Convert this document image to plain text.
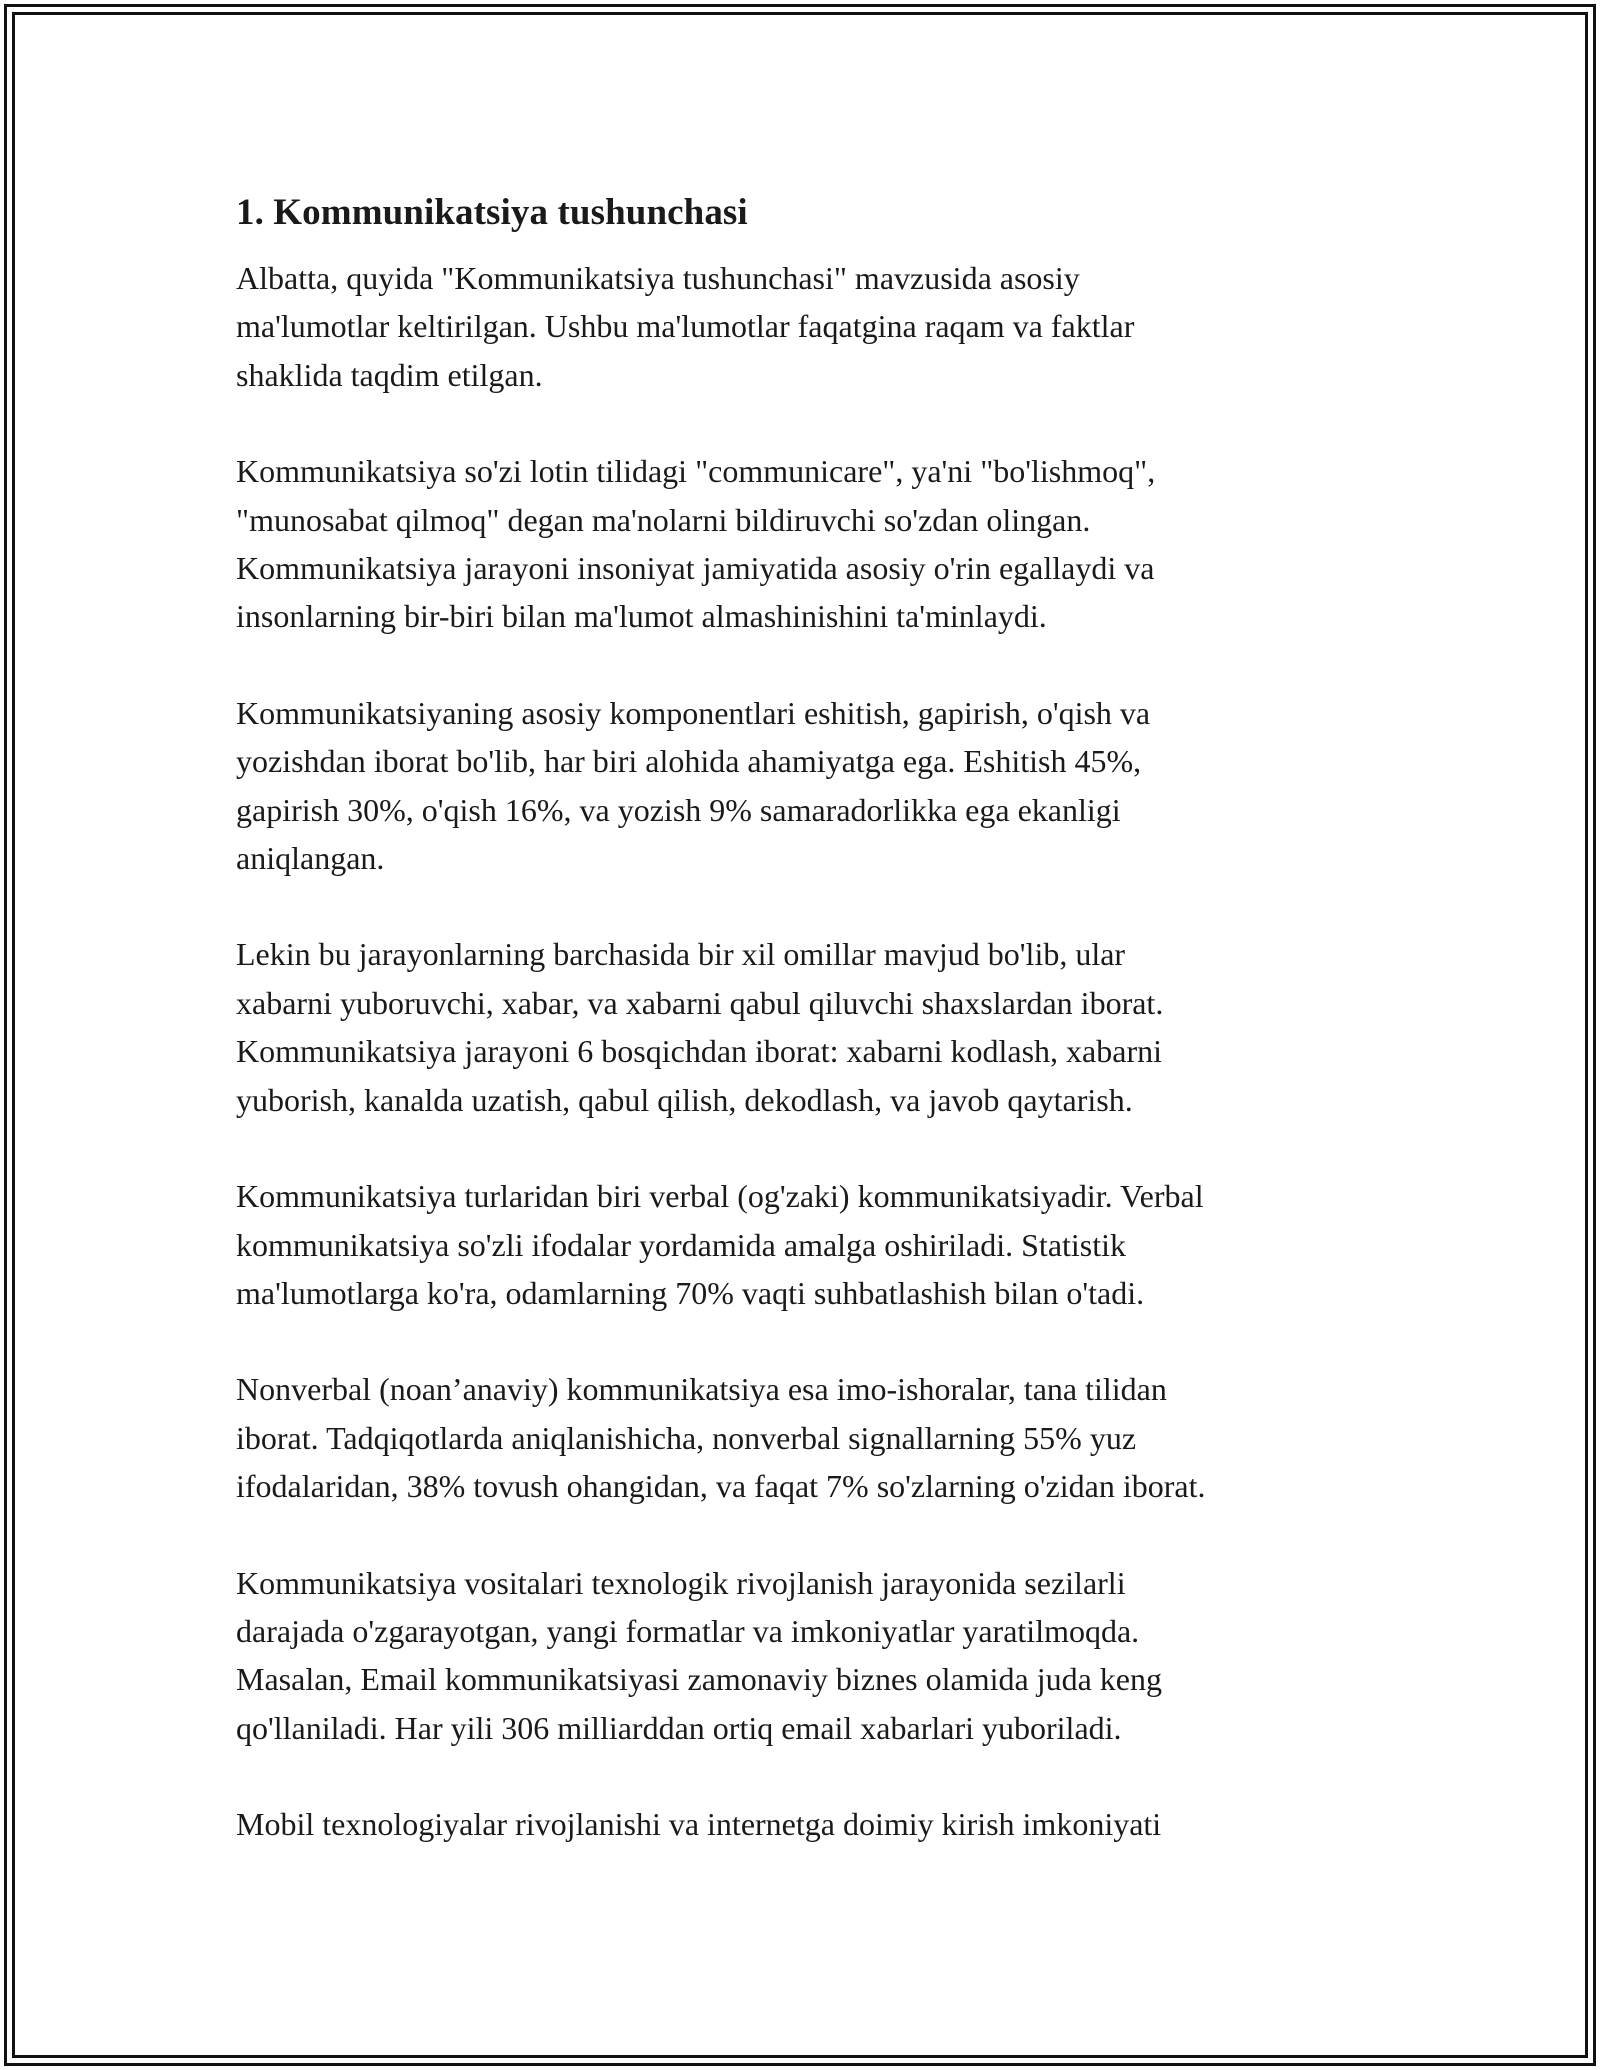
1. Kommunikatsiya tushunchasi

Albatta, quyida "Kommunikatsiya tushunchasi" mavzusida asosiy
ma'lumotlar keltirilgan. Ushbu ma'lumotlar faqatgina raqam va faktlar
shaklida taqdim etilgan.

Kommunikatsiya so'zi lotin tilidagi "communicare", ya'ni "bo'lishmoq",
"munosabat qilmoq" degan ma'nolarni bildiruvchi so'zdan olingan.
Kommunikatsiya jarayoni insoniyat jamiyatida asosiy o'rin egallaydi va
insonlarning bir-biri bilan ma'lumot almashinishini ta'minlaydi.

Kommunikatsiyaning asosiy komponentlari eshitish, gapirish, o'qish va
yozishdan iborat bo'lib, har biri alohida ahamiyatga ega. Eshitish 45%,
gapirish 30%, o'qish 16%, va yozish 9% samaradorlikka ega ekanligi
aniqlangan.

Lekin bu jarayonlarning barchasida bir xil omillar mavjud bo'lib, ular
xabarni yuboruvchi, xabar, va xabarni qabul qiluvchi shaxslardan iborat.
Kommunikatsiya jarayoni 6 bosqichdan iborat: xabarni kodlash, xabarni
yuborish, kanalda uzatish, qabul qilish, dekodlash, va javob qaytarish.

Kommunikatsiya turlaridan biri verbal (og'zaki) kommunikatsiyadir. Verbal
kommunikatsiya so'zli ifodalar yordamida amalga oshiriladi. Statistik
ma'lumotlarga ko'ra, odamlarning 70% vaqti suhbatlashish bilan o'tadi.

Nonverbal (noan’anaviy) kommunikatsiya esa imo-ishoralar, tana tilidan
iborat. Tadqiqotlarda aniqlanishicha, nonverbal signallarning 55% yuz
ifodalaridan, 38% tovush ohangidan, va faqat 7% so'zlarning o'zidan iborat.

Kommunikatsiya vositalari texnologik rivojlanish jarayonida sezilarli
darajada o'zgarayotgan, yangi formatlar va imkoniyatlar yaratilmoqda.
Masalan, Email kommunikatsiyasi zamonaviy biznes olamida juda keng
qo'llaniladi. Har yili 306 milliarddan ortiq email xabarlari yuboriladi.

Mobil texnologiyalar rivojlanishi va internetga doimiy kirish imkoniyati
